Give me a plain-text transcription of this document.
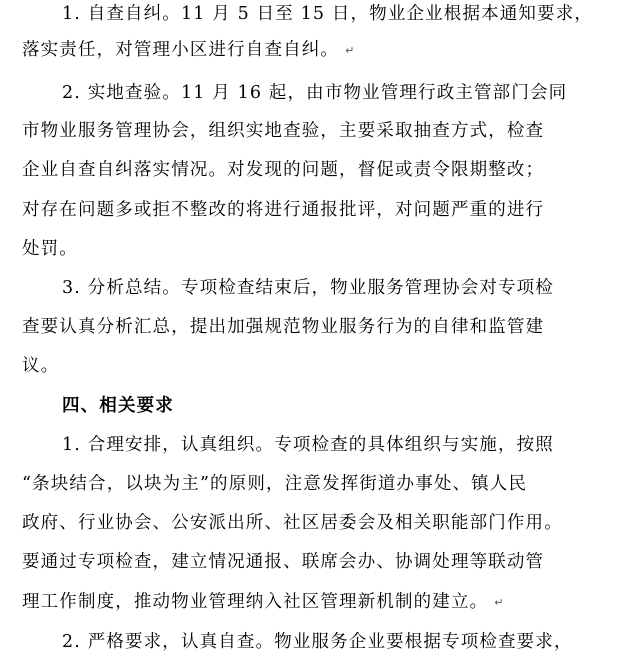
1. 自查自纠。11 月 5 日至 15 日，物业企业根据本通知要求，
落实责任，对管理小区进行自查自纠。 ↵
2. 实地查验。11 月 16 起，由市物业管理行政主管部门会同
市物业服务管理协会，组织实地查验，主要采取抽查方式，检查
企业自查自纠落实情况。对发现的问题，督促或责令限期整改；
对存在问题多或拒不整改的将进行通报批评，对问题严重的进行
处罚。
3. 分析总结。专项检查结束后，物业服务管理协会对专项检
查要认真分析汇总，提出加强规范物业服务行为的自律和监管建
议。
四、相关要求
1. 合理安排，认真组织。专项检查的具体组织与实施，按照
“条块结合，以块为主”的原则，注意发挥街道办事处、镇人民
政府、行业协会、公安派出所、社区居委会及相关职能部门作用。
要通过专项检查，建立情况通报、联席会办、协调处理等联动管
理工作制度，推动物业管理纳入社区管理新机制的建立。 ↵
2. 严格要求，认真自查。物业服务企业要根据专项检查要求，
